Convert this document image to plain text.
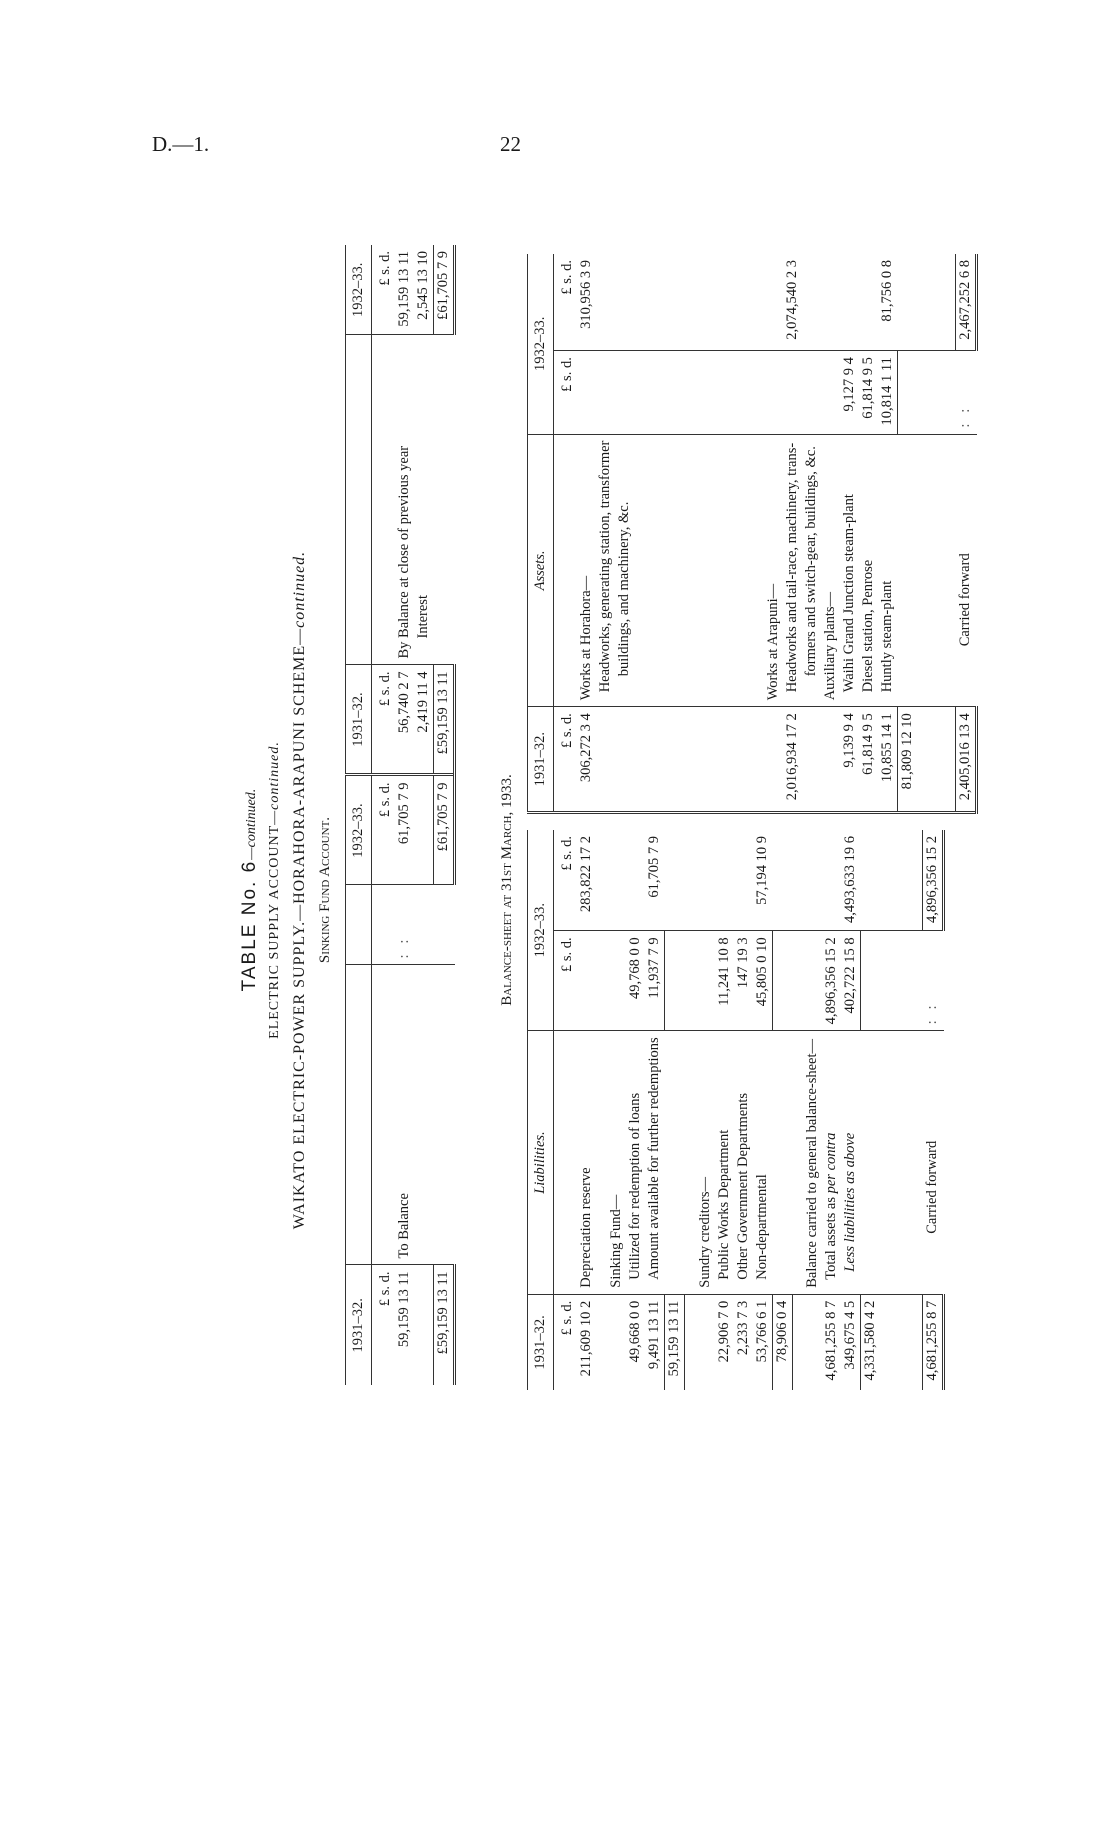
D.—1.	22
TABLE No. 6—continued. ELECTRIC SUPPLY ACCOUNT—continued. WAIKATO ELECTRIC-POWER SUPPLY.—HORAHORA-ARAPUNI SCHEME—continued.
Sinking Fund Account.
1931–32.			1932–33.	1931–32.		1932–33.
£ s. d.			£ s. d.	£ s. d.		£ s. d.
59,159 13 11	To Balance	:   :	61,705 7 9	56,740 2 7	By Balance at close of previous year	59,159 13 11
				2,419 11 4	Interest	2,545 13 10
£59,159 13 11			£61,705 7 9	£59,159 13 11		£61,705 7 9
Balance-sheet at 31st March, 1933.
1931–32.	Liabilities.	1932–33.	
£ s. d.		£ s. d.	£ s. d.
211,609 10 2	Depreciation reserve		283,822 17 2
	Sinking Fund—		
49,668 0 0	Utilized for redemption of loans	49,768 0 0	
9,491 13 11	Amount available for further redemptions	11,937 7 9	61,705 7 9
59,159 13 11			
	Sundry creditors—		
22,906 7 0	Public Works Department	11,241 10 8	
2,233 7 3	Other Government Departments	147 19 3	
53,766 6 1	Non-departmental	45,805 0 10	57,194 10 9
78,906 0 4			
	Balance carried to general balance-sheet—		
4,681,255 8 7	Total assets as per contra	4,896,356 15 2	
349,675 4 5	Less liabilities as above	402,722 15 8	4,493,633 19 6
4,331,580 4 2			

4,681,255 8 7	Carried forward	:   :	4,896,356 15 2
1931–32.	Assets.	1932–33.	
£ s. d.		£ s. d.	£ s. d.
306,272 3 4	Works at Horahora—		310,956 3 9
	Headworks, generating station, transformer		
	buildings, and machinery, &c.		

	Works at Arapuni—		
2,016,934 17 2	Headworks and tail-race, machinery, trans-		2,074,540 2 3
	formers and switch-gear, buildings, &c.		
	Auxiliary plants—		
9,139 9 4	Waihi Grand Junction steam-plant	9,127 9 4	
61,814 9 5	Diesel station, Penrose	61,814 9 5	
10,855 14 1	Huntly steam-plant	10,814 1 11	81,756 0 8
81,809 12 10			

2,405,016 13 4	Carried forward	:   :	2,467,252 6 8
